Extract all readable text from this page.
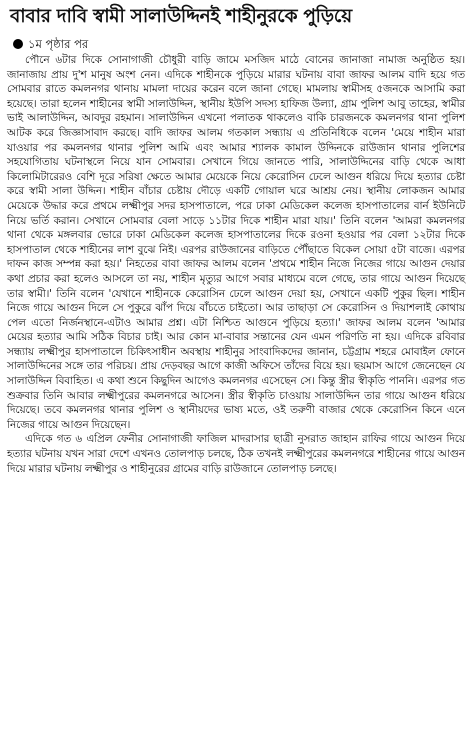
বাবার দাবি স্বামী সালাউদ্দিনই শাহীনুরকে পুড়িয়ে
১ম পৃষ্ঠার পর

পৌনে ৬টার দিকে সোনাগাজী চৌধুরী বাড়ি জামে মসজিদ মাঠে বোনের জানাজা নামাজ অনুষ্ঠিত হয়। জানাজায় প্রায় দু'শ মানুষ অংশ নেন। এদিকে শাহীনকে পুড়িয়ে মারার ঘটনায় বাবা জাফর আলম বাদি হয়ে গত সোমবার রাতে কমলনগর থানায় মামলা দায়ের করেন বলে জানা গেছে। মামলায় স্বামীসহ ৫জনকে আসামি করা হয়েছে। তারা হলেন শাহীনের স্বামী সালাউদ্দিন, স্থানীয় ইউপি সদস্য হাফিজ উল্যা, গ্রাম পুলিশ আবু তাহের, স্বামীর ভাই আলাউদ্দিন, আবদুর রহমান। সালাউদ্দিন এখনো পলাতক থাকলেও বাকি চারজনকে কমলনগর থানা পুলিশ আটক করে জিজ্ঞাসাবাদ করছে। বাদি জাফর আলম গতকাল সন্ধ্যায় এ প্রতিনিধিকে বলেন 'মেয়ে শাহীন মারা যাওয়ার পর কমলনগর থানার পুলিশ আমি এবং আমার শ্যালক কামাল উদ্দিনকে রাউজান থানার পুলিশের সহযোগিতায় ঘটনাস্থলে নিয়ে যান সোমবার। সেখানে গিয়ে জানতে পারি, সালাউদ্দিনের বাড়ি থেকে আধা কিলোমিটারেরও বেশি দূরে সরিষা ক্ষেতে আমার মেয়েকে নিয়ে কেরোসিন ঢেলে আগুন ধরিয়ে দিয়ে হত্যার চেষ্টা করে স্বামী সালা উদ্দিন। শাহীন বাঁচার চেষ্টায় দৌড়ে একটি গোয়াল ঘরে আশ্রয় নেয়। স্থানীয় লোকজন আমার মেয়েকে উদ্ধার করে প্রথমে লক্ষ্মীপুর সদর হাসপাতালে, পরে ঢাকা মেডিকেল কলেজ হাসপাতালের বার্ন ইউনিটে নিয়ে ভর্তি করান। সেখানে সোমবার বেলা সাড়ে ১১টার দিকে শাহীন মারা যায়।' তিনি বলেন 'আমরা কমলনগর থানা থেকে মঙ্গলবার ভোরে ঢাকা মেডিকেল কলেজ হাসপাতালের দিকে রওনা হওয়ার পর বেলা ১২টার দিকে হাসপাতাল থেকে শাহীনের লাশ বুঝে নিই। এরপর রাউজানের বাড়িতে পৌঁছাতে বিকেল সোয়া ৫টা বাজে। এরপর দাফন কাজ সম্পন্ন করা হয়।' নিহতের বাবা জাফর আলম বলেন 'প্রথমে শাহীন নিজে নিজের গায়ে আগুন দেয়ার কথা প্রচার করা হলেও আসলে তা নয়, শাহীন মৃত্যুর আগে সবার মাধ্যমে বলে গেছে, তার গায়ে আগুন দিয়েছে তার স্বামী।' তিনি বলেন 'যেখানে শাহীনকে কেরোসিন ঢেলে আগুন দেয়া হয়, সেখানে একটি পুকুর ছিল। শাহীন নিজে গায়ে আগুন দিলে সে পুকুরে ঝাঁপ দিয়ে বাঁচতে চাইতো। আর তাছাড়া সে কেরোসিন ও দিয়াশলাই কোথায় পেল এতো নির্জনস্থানে-এটাও আমার প্রশ্ন। এটা নিশ্চিত আগুনে পুড়িয়ে হত্যা।' জাফর আলম বলেন 'আমার মেয়ের হত্যার আমি সঠিক বিচার চাই। আর কোন মা-বাবার সন্তানের যেন এমন পরিণতি না হয়। এদিকে রবিবার সন্ধ্যায় লক্ষ্মীপুর হাসপাতালে চিকিৎসাধীন অবস্থায় শাহীনুর সাংবাদিকদের জানান, চট্টগ্রাম শহরে মোবাইল ফোনে সালাউদ্দিনের সঙ্গে তার পরিচয়। প্রায় দেড়বছর আগে কাজী অফিসে তাঁদের বিয়ে হয়। ছয়মাস আগে জেনেছেন যে সালাউদ্দিন বিবাহিত। এ কথা শুনে কিছুদিন আগেও কমলনগর এসেছেন সে। কিন্তু স্ত্রীর স্বীকৃতি পাননি। এরপর গত শুক্রবার তিনি আবার লক্ষ্মীপুরের কমলনগরে আসেন। স্ত্রীর স্বীকৃতি চাওয়ায় সালাউদ্দিন তার গায়ে আগুন ধরিয়ে দিয়েছে। তবে কমলনগর থানার পুলিশ ও স্থানীয়দের ভাষ্য মতে, ওই তরুণী বাজার থেকে কেরোসিন কিনে এনে নিজের গায়ে আগুন দিয়েছেন।

এদিকে গত ৬ এপ্রিল ফেনীর সোনাগাজী ফাজিল মাদরাসার ছাত্রী নুসরাত জাহান রাফির গায়ে আগুন দিয়ে হত্যার ঘটনায় যখন সারা দেশে এখনও তোলপাড় চলছে, ঠিক তখনই লক্ষ্মীপুরের কমলনগরে শাহীনের গায়ে আগুন দিয়ে মারার ঘটনায় লক্ষ্মীপুর ও শাহীনুরের গ্রামের বাড়ি রাউজানে তোলপাড় চলছে।
